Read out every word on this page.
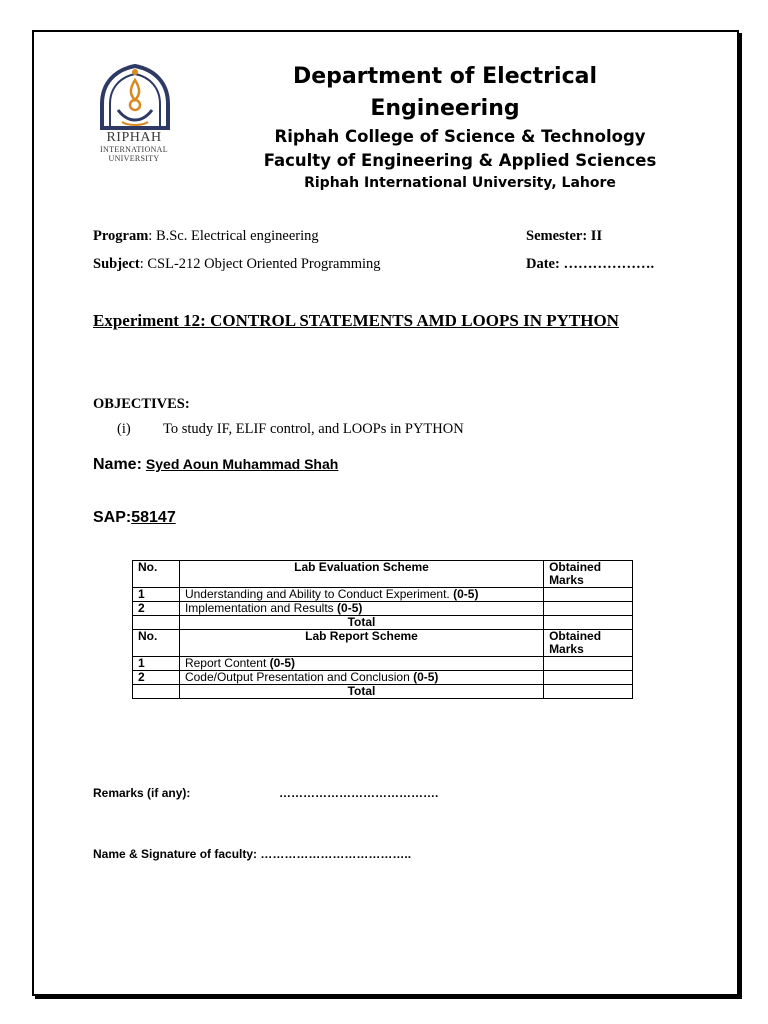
RIPHAH
INTERNATIONAL
UNIVERSITY
Department of Electrical
Engineering
Riphah College of Science & Technology
Faculty of Engineering & Applied Sciences
Riphah International University, Lahore
Program: B.Sc. Electrical engineering	Semester: II
Subject: CSL-212 Object Oriented Programming	Date: ……………….
Experiment 12: CONTROL STATEMENTS AMD LOOPS IN PYTHON
OBJECTIVES:
(i) To study IF, ELIF control, and LOOPs in PYTHON
Name: Syed Aoun Muhammad Shah
SAP:58147
No.	Lab Evaluation Scheme	Obtained Marks
1	Understanding and Ability to Conduct Experiment. (0-5)	
2	Implementation and Results (0-5)	
	Total	
No.	Lab Report Scheme	Obtained Marks
1	Report Content (0-5)	
2	Code/Output Presentation and Conclusion (0-5)	
	Total	
Remarks (if any):	………………………………….
Name & Signature of faculty: ………………………………..
